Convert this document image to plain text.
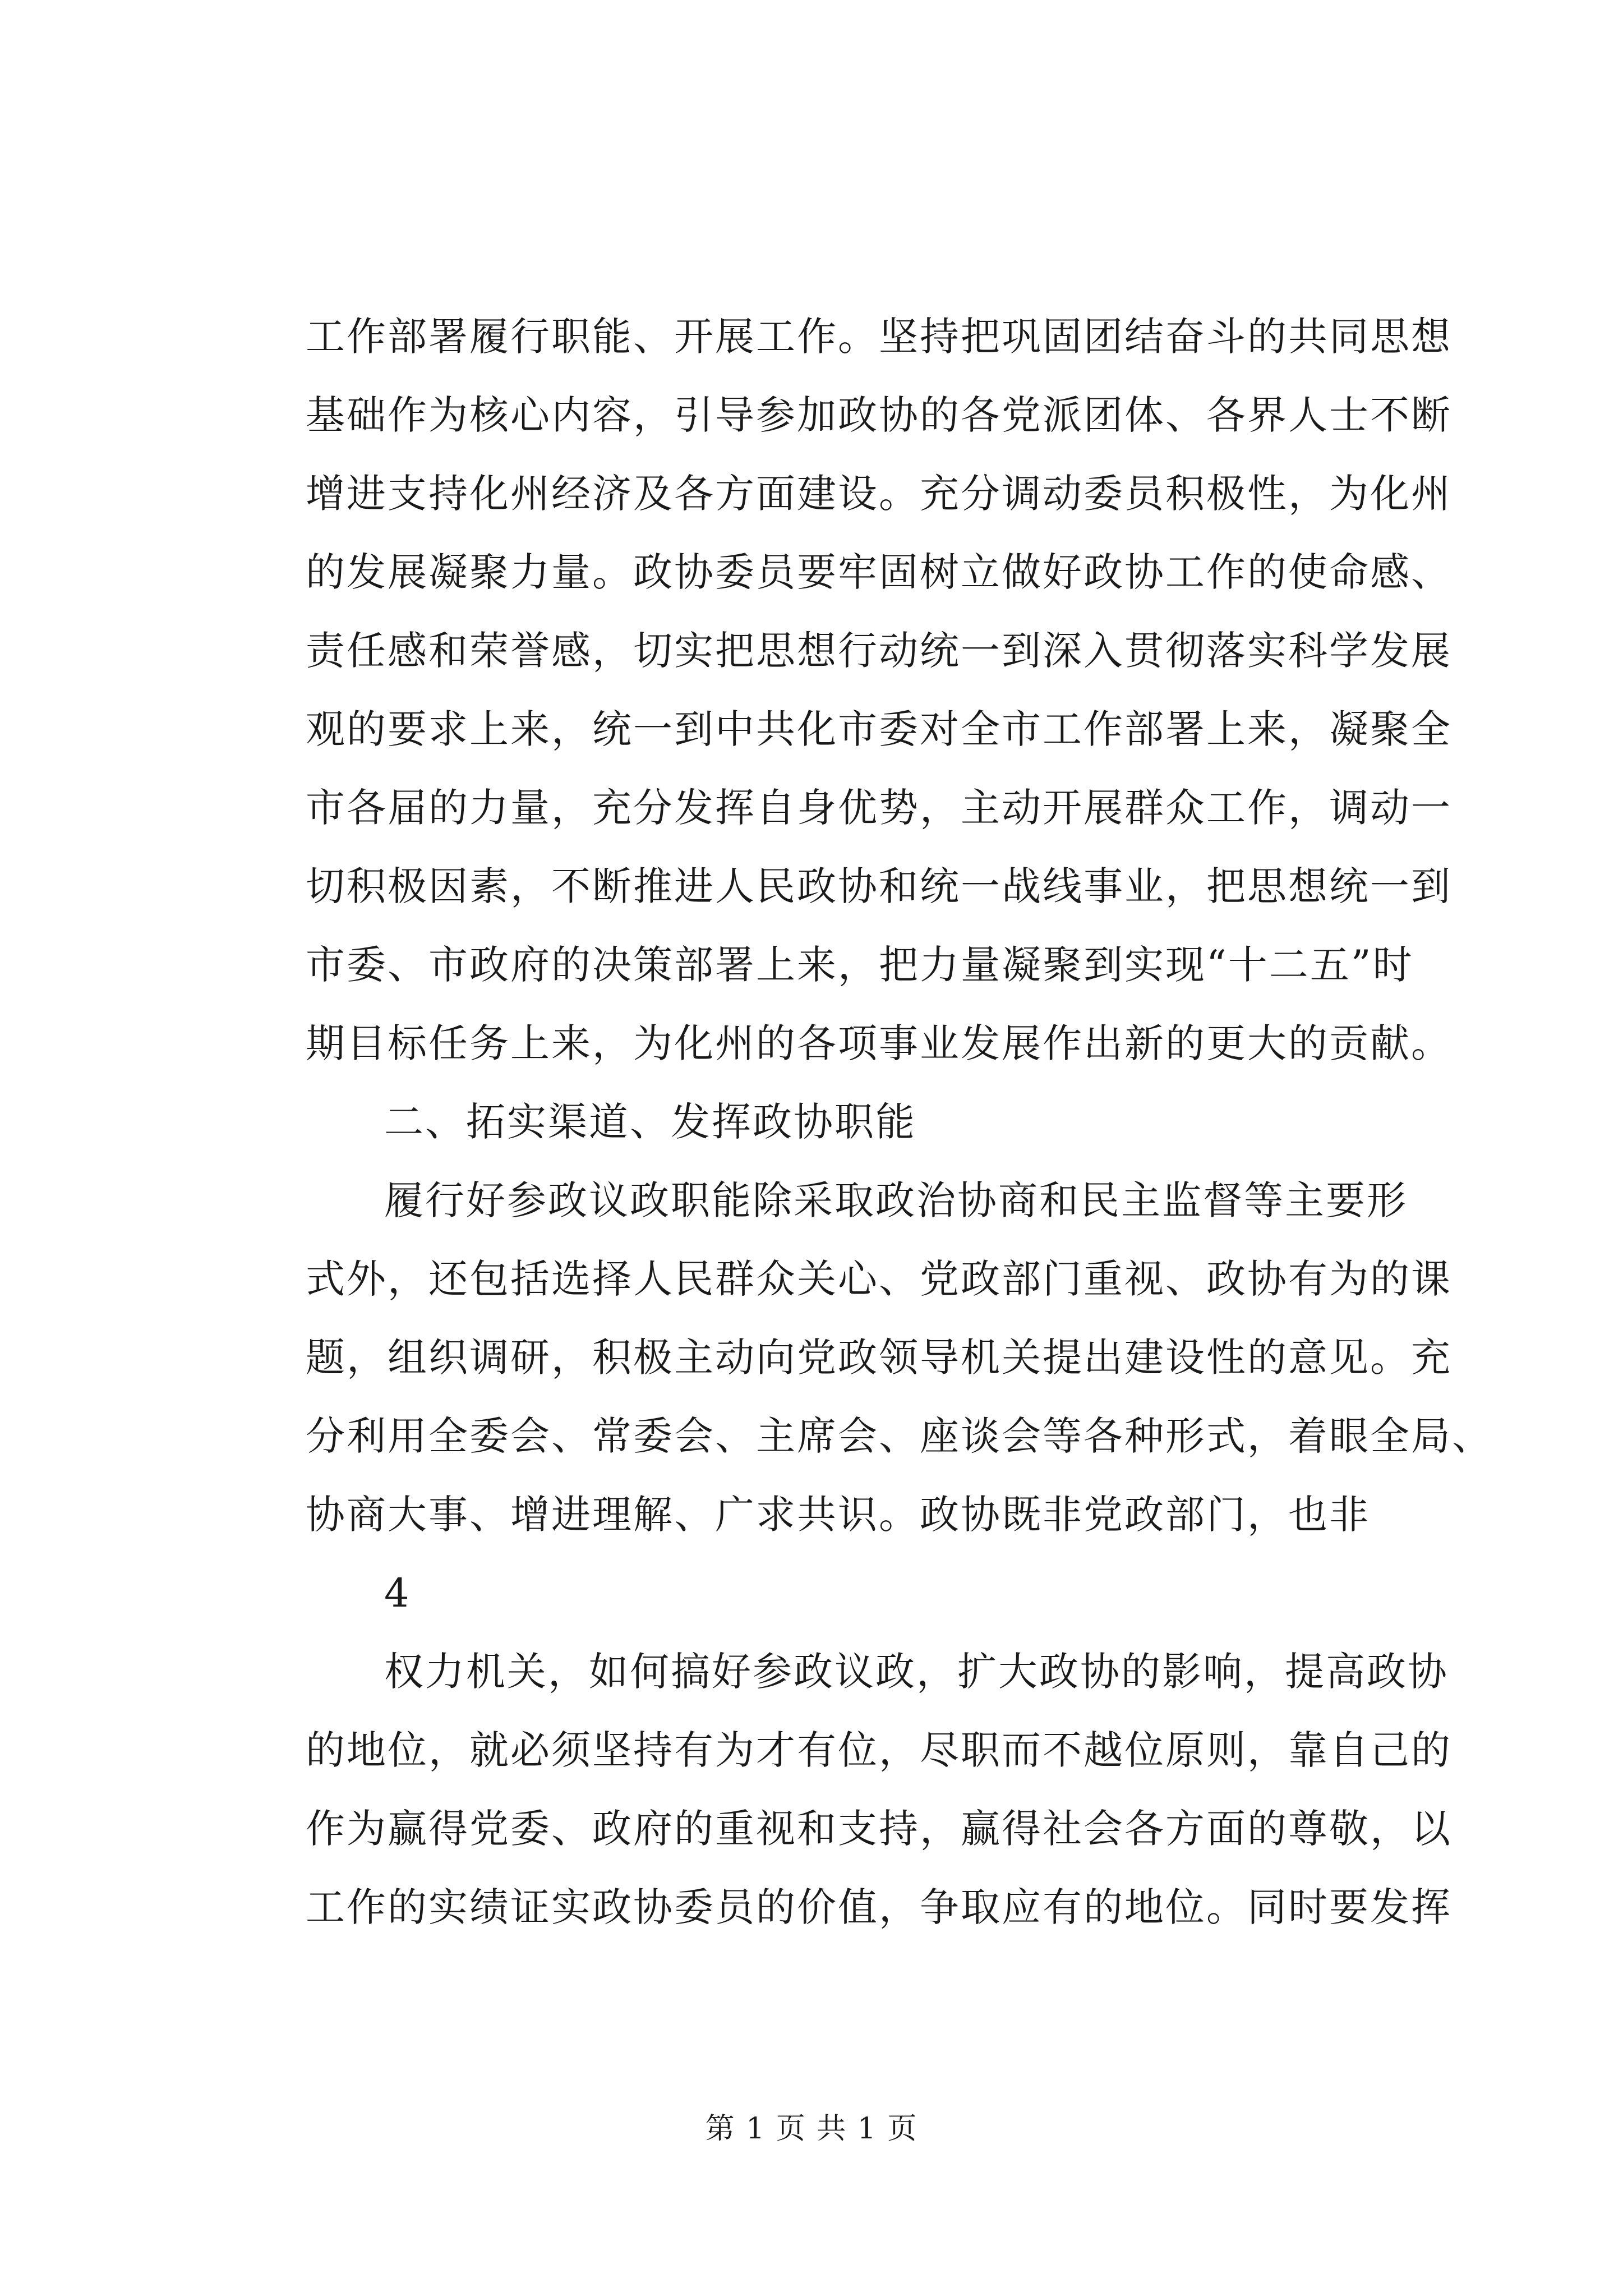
工作部署履行职能、开展工作。坚持把巩固团结奋斗的共同思想
基础作为核心内容，引导参加政协的各党派团体、各界人士不断
增进支持化州经济及各方面建设。充分调动委员积极性，为化州
的发展凝聚力量。政协委员要牢固树立做好政协工作的使命感、
责任感和荣誉感，切实把思想行动统一到深入贯彻落实科学发展
观的要求上来，统一到中共化市委对全市工作部署上来，凝聚全
市各届的力量，充分发挥自身优势，主动开展群众工作，调动一
切积极因素，不断推进人民政协和统一战线事业，把思想统一到
市委、市政府的决策部署上来，把力量凝聚到实现“十二五”时
期目标任务上来，为化州的各项事业发展作出新的更大的贡献。
二、拓实渠道、发挥政协职能
履行好参政议政职能除采取政治协商和民主监督等主要形
式外，还包括选择人民群众关心、党政部门重视、政协有为的课
题，组织调研，积极主动向党政领导机关提出建设性的意见。充
分利用全委会、常委会、主席会、座谈会等各种形式，着眼全局、
协商大事、增进理解、广求共识。政协既非党政部门，也非
4
权力机关，如何搞好参政议政，扩大政协的影响，提高政协
的地位，就必须坚持有为才有位，尽职而不越位原则，靠自己的
作为赢得党委、政府的重视和支持，赢得社会各方面的尊敬，以
工作的实绩证实政协委员的价值，争取应有的地位。同时要发挥
第 1 页 共 1 页
